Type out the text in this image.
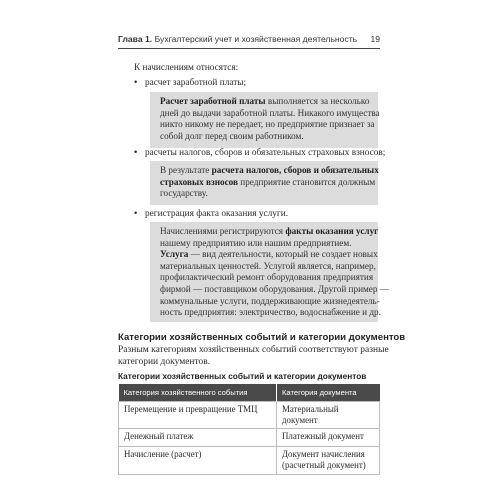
Глава 1. Бухгалтерский учет и хозяйственная деятельность	19
К начислениям относятся:
• расчет заработной платы;
Расчет заработной платы выполняется за несколько
дней до выдачи заработной платы. Никакого имущества
никто никому не передает, но предприятие признает за
собой долг перед своим работником.
• расчеты налогов, сборов и обязательных страховых взносов;
В результате расчета налогов, сборов и обязательных
страховых взносов предприятие становится должным
государству.
• регистрация факта оказания услуги.
Начислениями регистрируются факты оказания услуг
нашему предприятию или нашим предприятием.
Услуга — вид деятельности, который не создает новых
материальных ценностей. Услугой является, например,
профилактический ремонт оборудования предприятия
фирмой — поставщиком оборудования. Другой пример —
коммунальные услуги, поддерживающие жизнедеятель-
ность предприятия: электричество, водоснабжение и др.
Категории хозяйственных событий и категории документов
Разным категориям хозяйственных событий соответствуют разные
категории документов.
Категории хозяйственных событий и категории документов
Категория хозяйственного события	Категория документа
Перемещение и превращение ТМЦ	Материальный документ
Денежный платеж	Платежный документ
Начисление (расчет)	Документ начисления
(расчетный документ)
